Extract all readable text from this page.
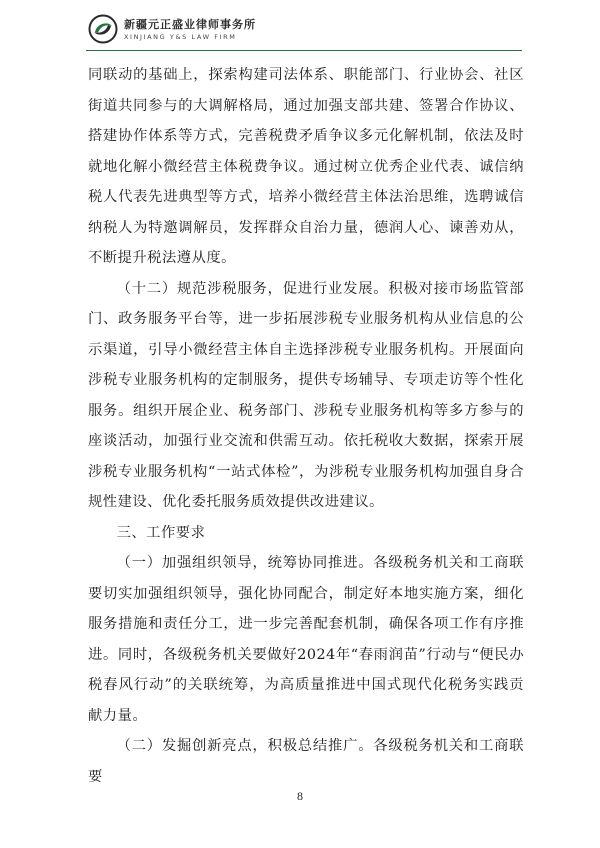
新疆元正盛业律师事务所
XINJIANG Y&S LAW FIRM

同联动的基础上，探索构建司法体系、职能部门、行业协会、社区街道共同参与的大调解格局，通过加强支部共建、签署合作协议、搭建协作体系等方式，完善税费矛盾争议多元化解机制，依法及时就地化解小微经营主体税费争议。通过树立优秀企业代表、诚信纳税人代表先进典型等方式，培养小微经营主体法治思维，选聘诚信纳税人为特邀调解员，发挥群众自治力量，德润人心、谏善劝从，不断提升税法遵从度。

（十二）规范涉税服务，促进行业发展。积极对接市场监管部门、政务服务平台等，进一步拓展涉税专业服务机构从业信息的公示渠道，引导小微经营主体自主选择涉税专业服务机构。开展面向涉税专业服务机构的定制服务，提供专场辅导、专项走访等个性化服务。组织开展企业、税务部门、涉税专业服务机构等多方参与的座谈活动，加强行业交流和供需互动。依托税收大数据，探索开展涉税专业服务机构“一站式体检”，为涉税专业服务机构加强自身合规性建设、优化委托服务质效提供改进建议。

三、工作要求

（一）加强组织领导，统筹协同推进。各级税务机关和工商联要切实加强组织领导，强化协同配合，制定好本地实施方案，细化服务措施和责任分工，进一步完善配套机制，确保各项工作有序推进。同时，各级税务机关要做好2024年“春雨润苗”行动与“便民办税春风行动”的关联统筹，为高质量推进中国式现代化税务实践贡献力量。

（二）发掘创新亮点，积极总结推广。各级税务机关和工商联要

8
